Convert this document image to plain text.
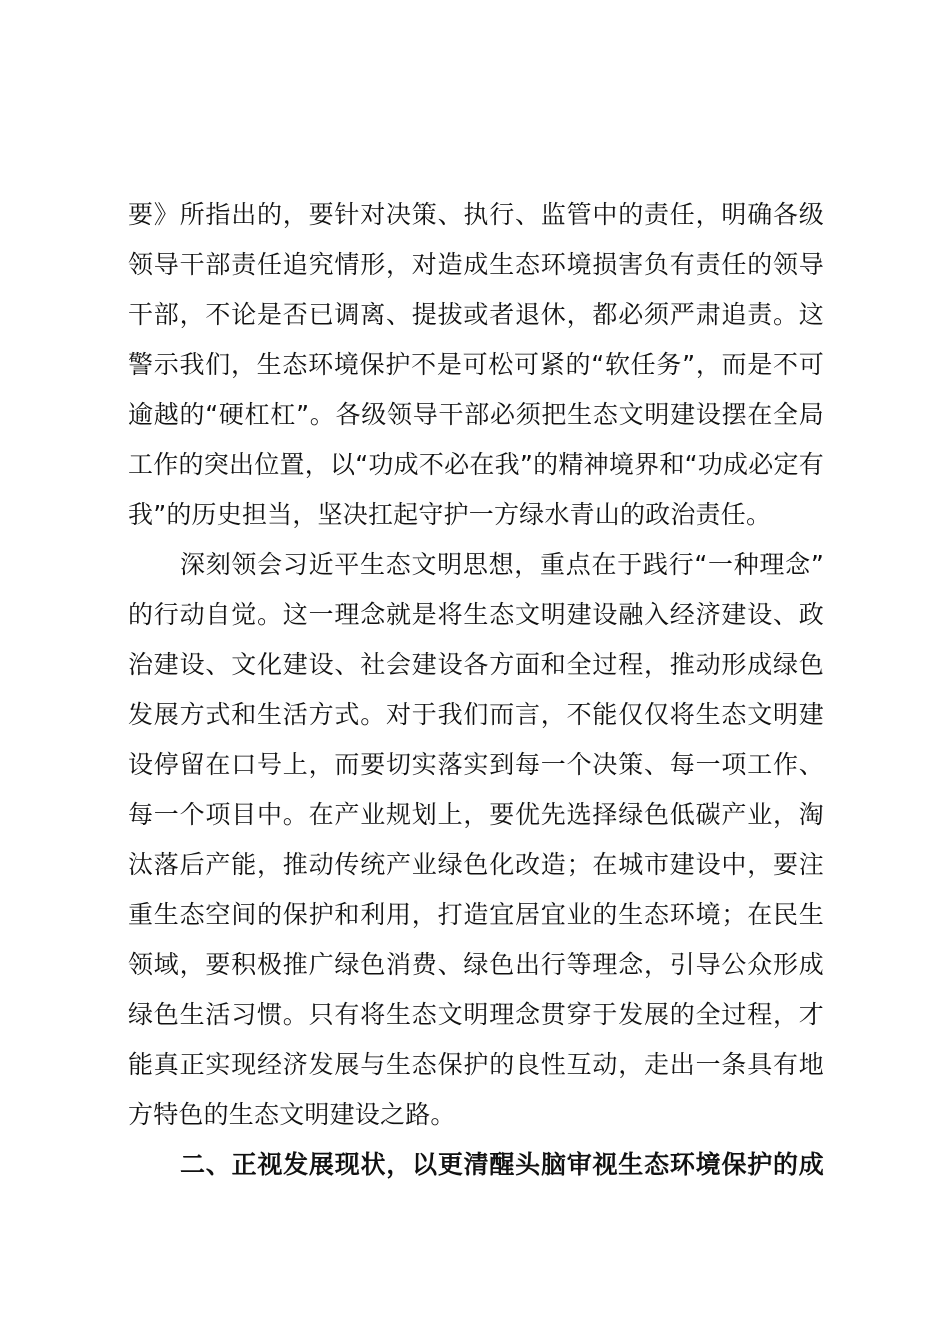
要》所指出的，要针对决策、执行、监管中的责任，明确各级
领导干部责任追究情形，对造成生态环境损害负有责任的领导
干部，不论是否已调离、提拔或者退休，都必须严肃追责。这
警示我们，生态环境保护不是可松可紧的“软任务”，而是不可
逾越的“硬杠杠”。各级领导干部必须把生态文明建设摆在全局
工作的突出位置，以“功成不必在我”的精神境界和“功成必定有
我”的历史担当，坚决扛起守护一方绿水青山的政治责任。
深刻领会习近平生态文明思想，重点在于践行“一种理念”
的行动自觉。这一理念就是将生态文明建设融入经济建设、政
治建设、文化建设、社会建设各方面和全过程，推动形成绿色
发展方式和生活方式。对于我们而言，不能仅仅将生态文明建
设停留在口号上，而要切实落实到每一个决策、每一项工作、
每一个项目中。在产业规划上，要优先选择绿色低碳产业，淘
汰落后产能，推动传统产业绿色化改造；在城市建设中，要注
重生态空间的保护和利用，打造宜居宜业的生态环境；在民生
领域，要积极推广绿色消费、绿色出行等理念，引导公众形成
绿色生活习惯。只有将生态文明理念贯穿于发展的全过程，才
能真正实现经济发展与生态保护的良性互动，走出一条具有地
方特色的生态文明建设之路。
二、正视发展现状，以更清醒头脑审视生态环境保护的成
